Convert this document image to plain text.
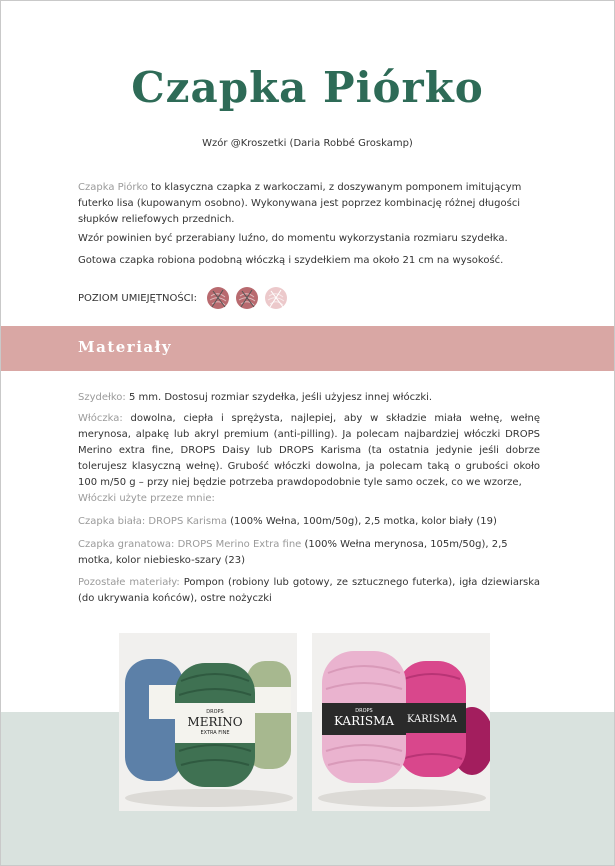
Czapka Piórko
Wzór @Kroszetki (Daria Robbé Groskamp)
Czapka Piórko to klasyczna czapka z warkoczami, z doszywanym pomponem imitującym futerko lisa (kupowanym osobno). Wykonywana jest poprzez kombinację różnej długości słupków reliefowych przednich.
Wzór powinien być przerabiany luźno, do momentu wykorzystania rozmiaru szydełka.
Gotowa czapka robiona podobną włóczką i szydełkiem ma około 21 cm na wysokość.
POZIOM UMIEJĘTNOŚCI:
Materiały
Szydełko: 5 mm. Dostosuj rozmiar szydełka, jeśli użyjesz innej włóczki.
Włóczka: dowolna, ciepła i sprężysta, najlepiej, aby w składzie miała wełnę, wełnę merynosa, alpakę lub akryl premium (anti-pilling). Ja polecam najbardziej włóczki DROPS Merino extra fine, DROPS Daisy lub DROPS Karisma (ta ostatnia jedynie jeśli dobrze tolerujesz klasyczną wełnę). Grubość włóczki dowolna, ja polecam taką o grubości około 100 m/50 g – przy niej będzie potrzeba prawdopodobnie tyle samo oczek, co we wzorze,
Włóczki użyte przeze mnie:
Czapka biała: DROPS Karisma (100% Wełna, 100m/50g), 2,5 motka, kolor biały (19)
Czapka granatowa: DROPS Merino Extra fine (100% Wełna merynosa, 105m/50g), 2,5 motka, kolor niebiesko-szary (23)
Pozostałe materiały: Pompon (robiony lub gotowy, ze sztucznego futerka), igła dziewiarska (do ukrywania końców), ostre nożyczki
DROPS
MERINO
EXTRA FINE
DROPS
KARISMA KARISMA
